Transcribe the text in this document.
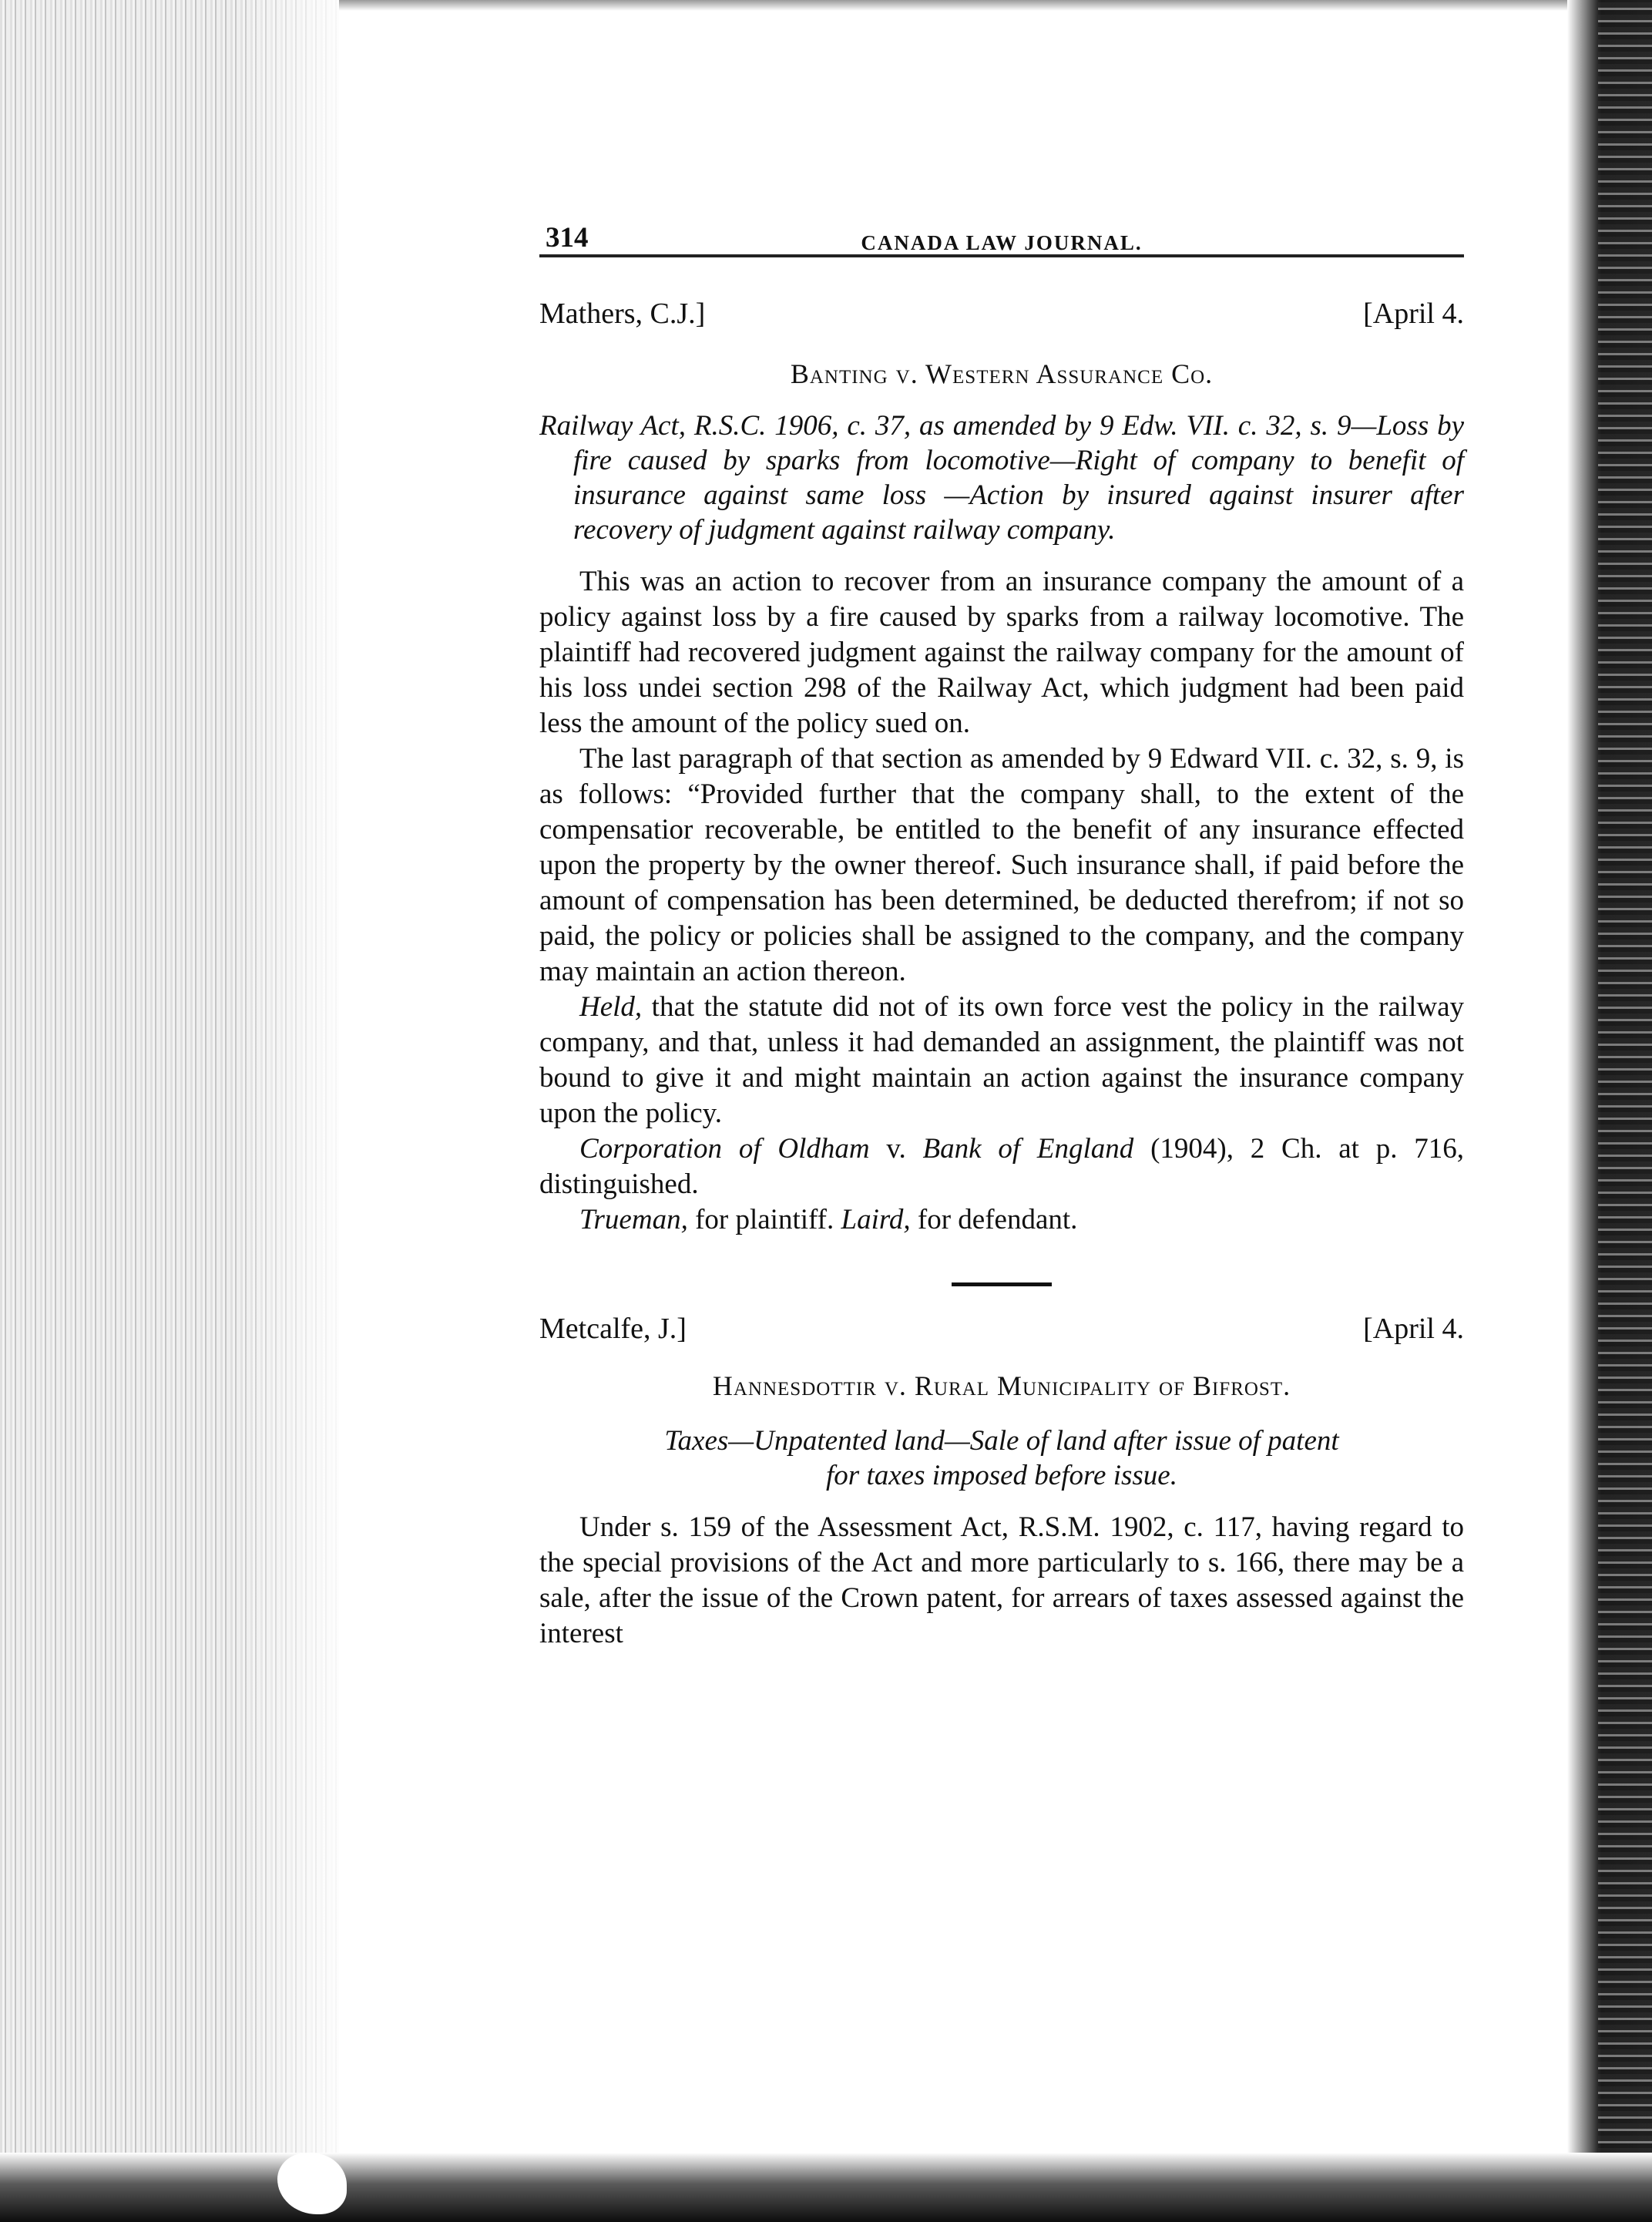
314	CANADA LAW JOURNAL.
Mathers, C.J.]	[April 4.
Banting v. Western Assurance Co.
Railway Act, R.S.C. 1906, c. 37, as amended by 9 Edw. VII. c. 32, s. 9—Loss by fire caused by sparks from locomotive—Right of company to benefit of insurance against same loss —Action by insured against insurer after recovery of judgment against railway company.

This was an action to recover from an insurance company the amount of a policy against loss by a fire caused by sparks from a railway locomotive. The plaintiff had recovered judgment against the railway company for the amount of his loss undei section 298 of the Railway Act, which judgment had been paid less the amount of the policy sued on.

The last paragraph of that section as amended by 9 Edward VII. c. 32, s. 9, is as follows: “Provided further that the company shall, to the extent of the compensatior recoverable, be entitled to the benefit of any insurance effected upon the property by the owner thereof. Such insurance shall, if paid before the amount of compensation has been determined, be deducted therefrom; if not so paid, the policy or policies shall be assigned to the company, and the company may maintain an action thereon.

Held, that the statute did not of its own force vest the policy in the railway company, and that, unless it had demanded an assignment, the plaintiff was not bound to give it and might maintain an action against the insurance company upon the policy.

Corporation of Oldham v. Bank of England (1904), 2 Ch. at p. 716, distinguished.

Trueman, for plaintiff. Laird, for defendant.

Metcalfe, J.]	[April 4.
Hannesdottir v. Rural Municipality of Bifrost.
Taxes—Unpatented land—Sale of land after issue of patent
for taxes imposed before issue.

Under s. 159 of the Assessment Act, R.S.M. 1902, c. 117, having regard to the special provisions of the Act and more particularly to s. 166, there may be a sale, after the issue of the Crown patent, for arrears of taxes assessed against the interest
